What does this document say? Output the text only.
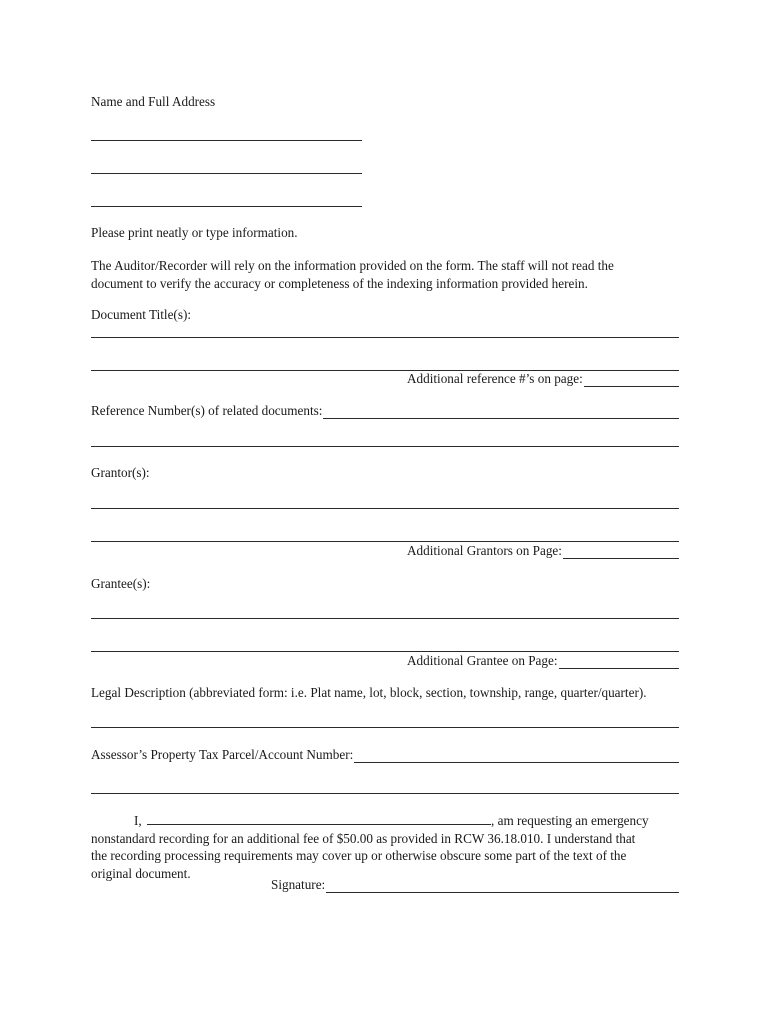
Name and Full Address
Please print neatly or type information.
The Auditor/Recorder will rely on the information provided on the form. The staff will not read the
document to verify the accuracy or completeness of the indexing information provided herein.
Document Title(s):
Additional reference #’s on page:
Reference Number(s) of related documents:
Grantor(s):
Additional Grantors on Page:
Grantee(s):
Additional Grantee on Page:
Legal Description (abbreviated form: i.e. Plat name, lot, block, section, township, range, quarter/quarter).
Assessor’s Property Tax Parcel/Account Number:
I,	, am requesting an emergency
nonstandard recording for an additional fee of $50.00 as provided in RCW 36.18.010. I understand that
the recording processing requirements may cover up or otherwise obscure some part of the text of the
original document.
Signature:
